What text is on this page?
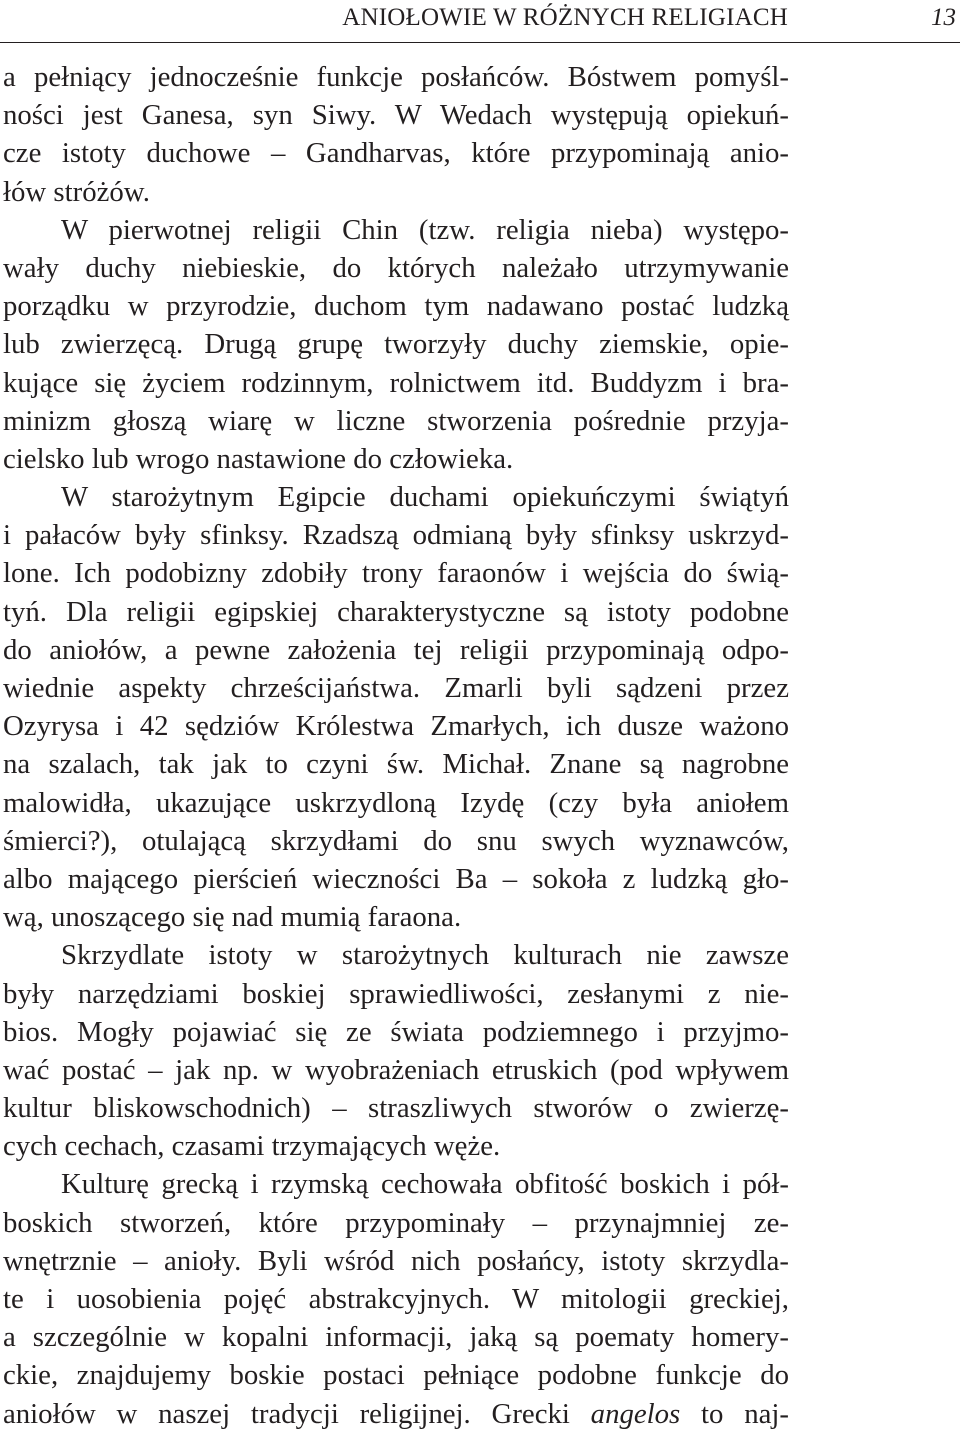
ANIOŁOWIE W RÓŻNYCH RELIGIACH	13
a pełniący jednocześnie funkcje posłańców. Bóstwem pomyśl-
ności jest Ganesa, syn Siwy. W Wedach występują opiekuń-
cze istoty duchowe – Gandharvas, które przypominają anio-
łów stróżów.
W pierwotnej religii Chin (tzw. religia nieba) występo-
wały duchy niebieskie, do których należało utrzymywanie
porządku w przyrodzie, duchom tym nadawano postać ludzką
lub zwierzęcą. Drugą grupę tworzyły duchy ziemskie, opie-
kujące się życiem rodzinnym, rolnictwem itd. Buddyzm i bra-
minizm głoszą wiarę w liczne stworzenia pośrednie przyja-
cielsko lub wrogo nastawione do człowieka.
W starożytnym Egipcie duchami opiekuńczymi świątyń
i pałaców były sfinksy. Rzadszą odmianą były sfinksy uskrzyd-
lone. Ich podobizny zdobiły trony faraonów i wejścia do świą-
tyń. Dla religii egipskiej charakterystyczne są istoty podobne
do aniołów, a pewne założenia tej religii przypominają odpo-
wiednie aspekty chrześcijaństwa. Zmarli byli sądzeni przez
Ozyrysa i 42 sędziów Królestwa Zmarłych, ich dusze ważono
na szalach, tak jak to czyni św. Michał. Znane są nagrobne
malowidła, ukazujące uskrzydloną Izydę (czy była aniołem
śmierci?), otulającą skrzydłami do snu swych wyznawców,
albo mającego pierścień wieczności Ba – sokoła z ludzką gło-
wą, unoszącego się nad mumią faraona.
Skrzydlate istoty w starożytnych kulturach nie zawsze
były narzędziami boskiej sprawiedliwości, zesłanymi z nie-
bios. Mogły pojawiać się ze świata podziemnego i przyjmo-
wać postać – jak np. w wyobrażeniach etruskich (pod wpływem
kultur bliskowschodnich) – straszliwych stworów o zwierzę-
cych cechach, czasami trzymających węże.
Kulturę grecką i rzymską cechowała obfitość boskich i pół-
boskich stworzeń, które przypominały – przynajmniej ze-
wnętrznie – anioły. Byli wśród nich posłańcy, istoty skrzydla-
te i uosobienia pojęć abstrakcyjnych. W mitologii greckiej,
a szczególnie w kopalni informacji, jaką są poematy homery-
ckie, znajdujemy boskie postaci pełniące podobne funkcje do
aniołów w naszej tradycji religijnej. Grecki angelos to naj-
